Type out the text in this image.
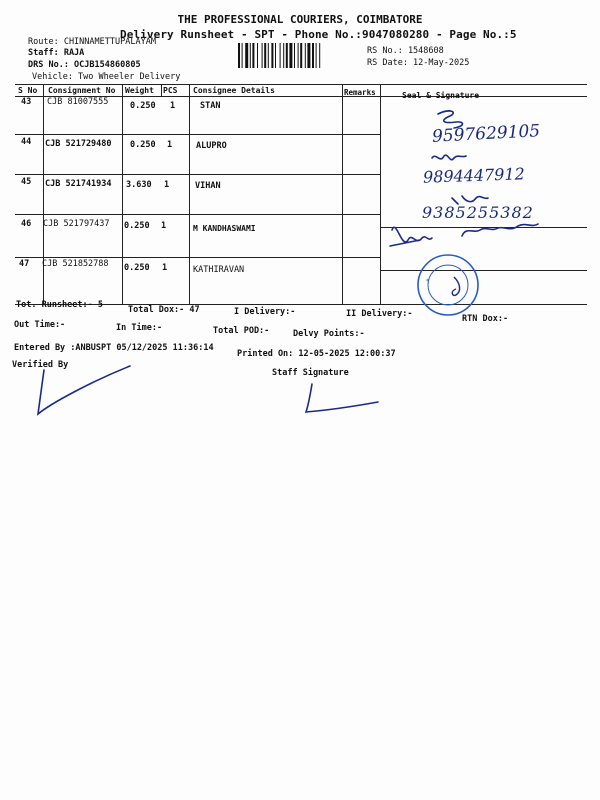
THE PROFESSIONAL COURIERS, COIMBATORE
Delivery Runsheet - SPT - Phone No.:9047080280 - Page No.:5
Route: CHINNAMETTUPALAYAM
Staff: RAJA
DRS No.: OCJB154860805
Vehicle: Two Wheeler Delivery
RS No.: 1548608
RS Date: 12-May-2025
S No Consignment No Weight PCS Consignee Details	Remarks	Seal & Signature
43 CJB 81007555	0.250 1	STAN
44 CJB 521729480 0.250 1	ALUPRO
45 CJB 521741934 3.630 1	VIHAN
46 CJB 521797437 0.250 1	M KANDHASWAMI
47 CJB 521852788 0.250 1	KATHIRAVAN
9597629105
9894447912
9385255382
*
Tot. Runsheet:- 5	Total Dox:- 47	I Delivery:-	II Delivery:-	RTN Dox:-
Out Time:-	In Time:-	Total POD:-	Delvy Points:-
Entered By :ANBUSPT 05/12/2025 11:36:14
Printed On: 12-05-2025 12:00:37
Verified By
Staff Signature
